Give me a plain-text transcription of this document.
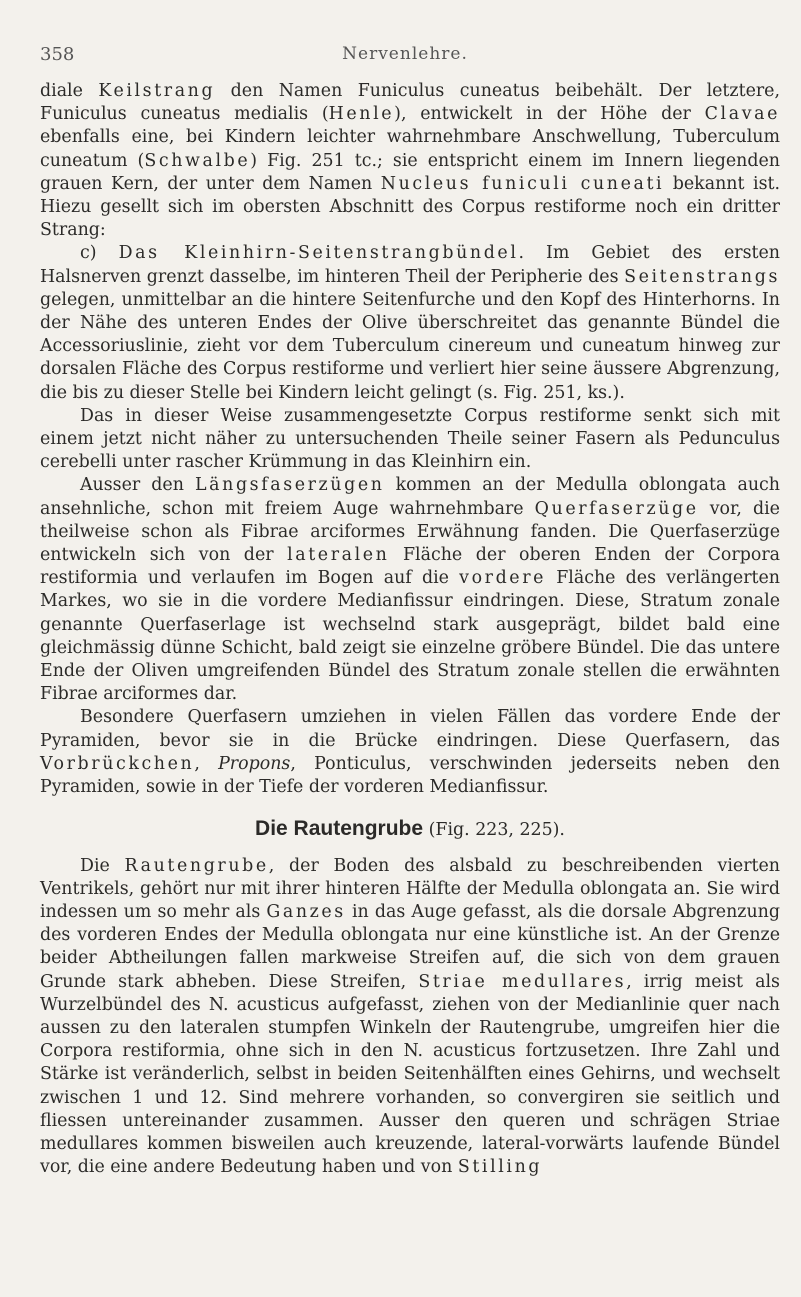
358	Nervenlehre.

diale Keilstrang den Namen Funiculus cuneatus beibehält. Der letztere, Funiculus cuneatus medialis (Henle), entwickelt in der Höhe der Clavae ebenfalls eine, bei Kindern leichter wahrnehmbare Anschwellung, Tuberculum cuneatum (Schwalbe) Fig. 251 tc.; sie entspricht einem im Innern liegenden grauen Kern, der unter dem Namen Nucleus funiculi cuneati bekannt ist. Hiezu gesellt sich im obersten Abschnitt des Corpus restiforme noch ein dritter Strang:

c) Das Kleinhirn-Seitenstrangbündel. Im Gebiet des ersten Halsnerven grenzt dasselbe, im hinteren Theil der Peripherie des Seitenstrangs gelegen, unmittelbar an die hintere Seitenfurche und den Kopf des Hinterhorns. In der Nähe des unteren Endes der Olive überschreitet das genannte Bündel die Accessoriuslinie, zieht vor dem Tuberculum cinereum und cuneatum hinweg zur dorsalen Fläche des Corpus restiforme und verliert hier seine äussere Abgrenzung, die bis zu dieser Stelle bei Kindern leicht gelingt (s. Fig. 251, ks.).

Das in dieser Weise zusammengesetzte Corpus restiforme senkt sich mit einem jetzt nicht näher zu untersuchenden Theile seiner Fasern als Pedunculus cerebelli unter rascher Krümmung in das Kleinhirn ein.

Ausser den Längsfaserzügen kommen an der Medulla oblongata auch ansehnliche, schon mit freiem Auge wahrnehmbare Querfaserzüge vor, die theilweise schon als Fibrae arciformes Erwähnung fanden. Die Querfaserzüge entwickeln sich von der lateralen Fläche der oberen Enden der Corpora restiformia und verlaufen im Bogen auf die vordere Fläche des verlängerten Markes, wo sie in die vordere Medianfissur eindringen. Diese, Stratum zonale genannte Querfaserlage ist wechselnd stark ausgeprägt, bildet bald eine gleichmässig dünne Schicht, bald zeigt sie einzelne gröbere Bündel. Die das untere Ende der Oliven umgreifenden Bündel des Stratum zonale stellen die erwähnten Fibrae arciformes dar.

Besondere Querfasern umziehen in vielen Fällen das vordere Ende der Pyramiden, bevor sie in die Brücke eindringen. Diese Querfasern, das Vorbrückchen, Propons, Ponticulus, verschwinden jederseits neben den Pyramiden, sowie in der Tiefe der vorderen Medianfissur.

Die Rautengrube (Fig. 223, 225).

Die Rautengrube, der Boden des alsbald zu beschreibenden vierten Ventrikels, gehört nur mit ihrer hinteren Hälfte der Medulla oblongata an. Sie wird indessen um so mehr als Ganzes in das Auge gefasst, als die dorsale Abgrenzung des vorderen Endes der Medulla oblongata nur eine künstliche ist. An der Grenze beider Abtheilungen fallen markweise Streifen auf, die sich von dem grauen Grunde stark abheben. Diese Streifen, Striae medullares, irrig meist als Wurzelbündel des N. acusticus aufgefasst, ziehen von der Medianlinie quer nach aussen zu den lateralen stumpfen Winkeln der Rautengrube, umgreifen hier die Corpora restiformia, ohne sich in den N. acusticus fortzusetzen. Ihre Zahl und Stärke ist veränderlich, selbst in beiden Seitenhälften eines Gehirns, und wechselt zwischen 1 und 12. Sind mehrere vorhanden, so convergiren sie seitlich und fliessen untereinander zusammen. Ausser den queren und schrägen Striae medullares kommen bisweilen auch kreuzende, lateral-vorwärts laufende Bündel vor, die eine andere Bedeutung haben und von Stilling
